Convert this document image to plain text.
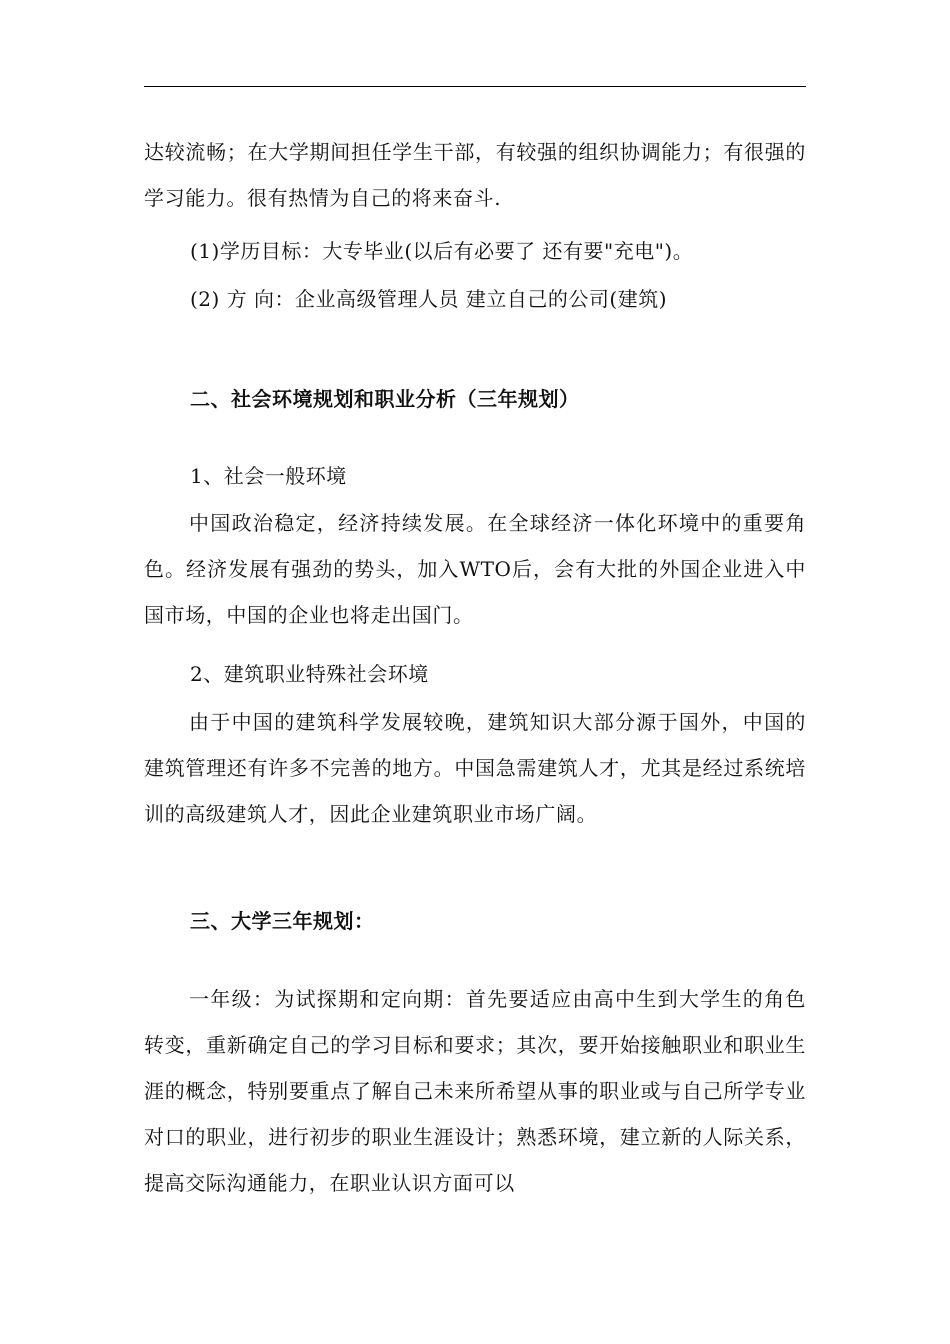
达较流畅；在大学期间担任学生干部，有较强的组织协调能力；有很强的学习能力。很有热情为自己的将来奋斗.

(1)学历目标：大专毕业(以后有必要了 还有要"充电")。

(2) 方 向：企业高级管理人员 建立自己的公司(建筑)

二、社会环境规划和职业分析（三年规划）

1、社会一般环境

中国政治稳定，经济持续发展。在全球经济一体化环境中的重要角色。经济发展有强劲的势头，加入WTO后，会有大批的外国企业进入中国市场，中国的企业也将走出国门。

2、建筑职业特殊社会环境

由于中国的建筑科学发展较晚，建筑知识大部分源于国外，中国的建筑管理还有许多不完善的地方。中国急需建筑人才，尤其是经过系统培训的高级建筑人才，因此企业建筑职业市场广阔。

三、大学三年规划：

一年级：为试探期和定向期：首先要适应由高中生到大学生的角色转变，重新确定自己的学习目标和要求；其次，要开始接触职业和职业生涯的概念，特别要重点了解自己未来所希望从事的职业或与自己所学专业对口的职业，进行初步的职业生涯设计；熟悉环境，建立新的人际关系，提高交际沟通能力，在职业认识方面可以
